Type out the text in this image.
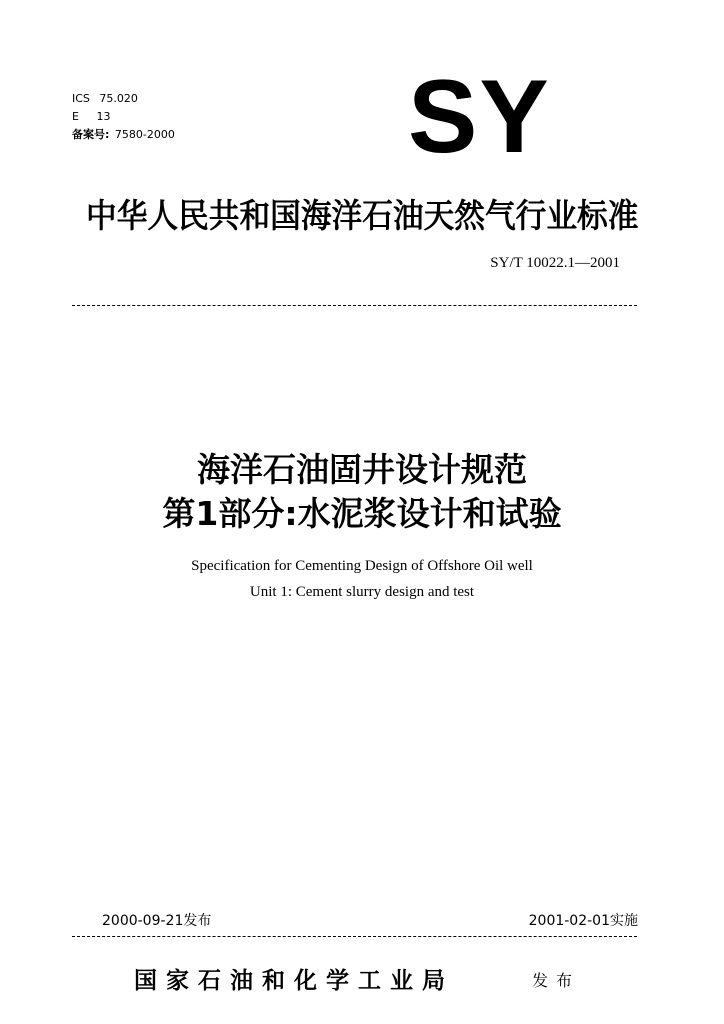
ICS 75.020
E 13
备案号: 7580-2000 SY
中华人民共和国海洋石油天然气行业标准
SY/T 10022.1—2001
海洋石油固井设计规范
第1部分:水泥浆设计和试验
Specification for Cementing Design of Offshore Oil well
Unit 1: Cement slurry design and test
2000-09-21发布	2001-02-01实施
国家石油和化学工业局	发布
